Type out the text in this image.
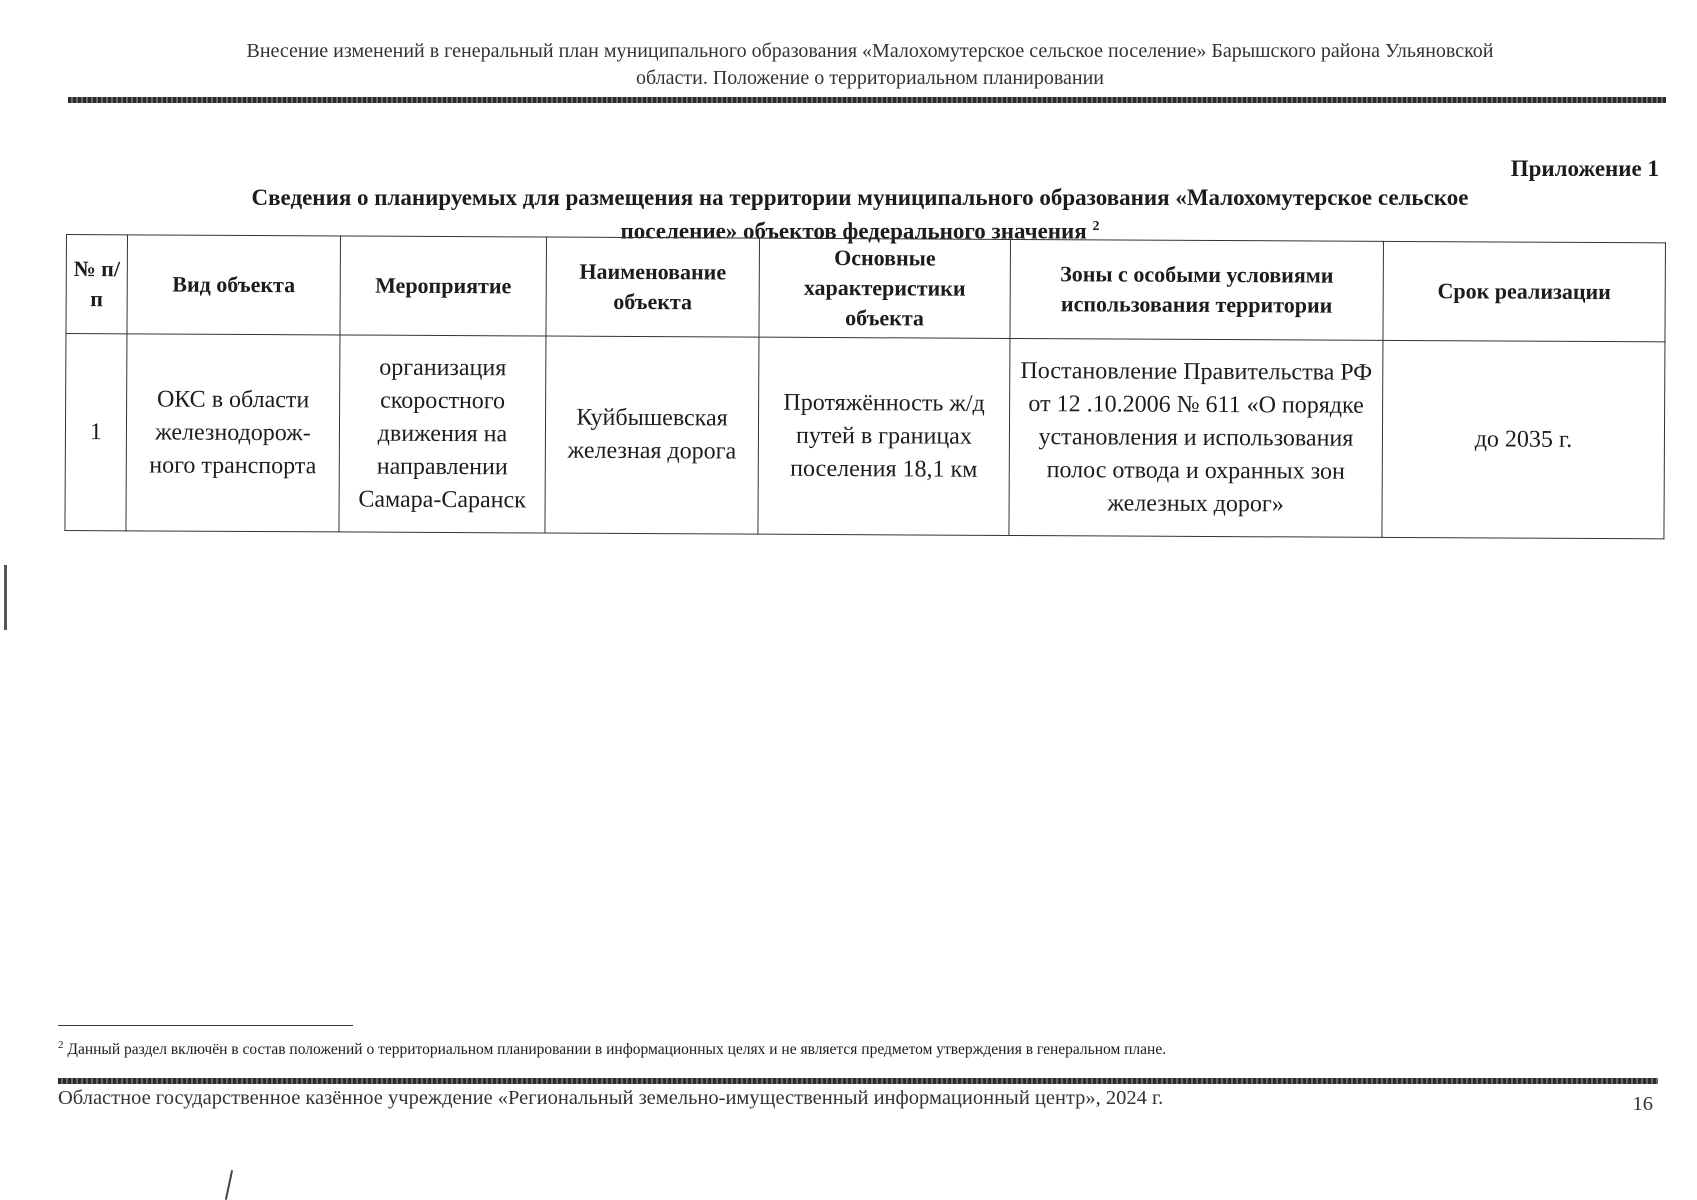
Внесение изменений в генеральный план муниципального образования «Малохомутерское сельское поселение» Барышского района Ульяновской
области. Положение о территориальном планировании
Приложение 1
Сведения о планируемых для размещения на территории муниципального образования «Малохомутерское сельское
поселение» объектов федерального значения $^2$
№ п/п	Вид объекта	Мероприятие	Наименование объекта	Основные характеристики объекта	Зоны с особыми условиями использования территории	Срок реализации
1	ОКС в области железнодорож-ного транспорта	организация скоростного движения на направлении Самара-Саранск	Куйбышевская железная дорога	Протяжённость ж/д путей в границах поселения 18,1 км	Постановление Правительства РФ от 12 .10.2006 № 611 «О порядке установления и использования полос отвода и охранных зон железных дорог»	до 2035 г.
$^2$ Данный раздел включён в состав положений о территориальном планировании в информационных целях и не является предметом утверждения в генеральном плане.
Областное государственное казённое учреждение «Региональный земельно-имущественный информационный центр», 2024 г.	16
